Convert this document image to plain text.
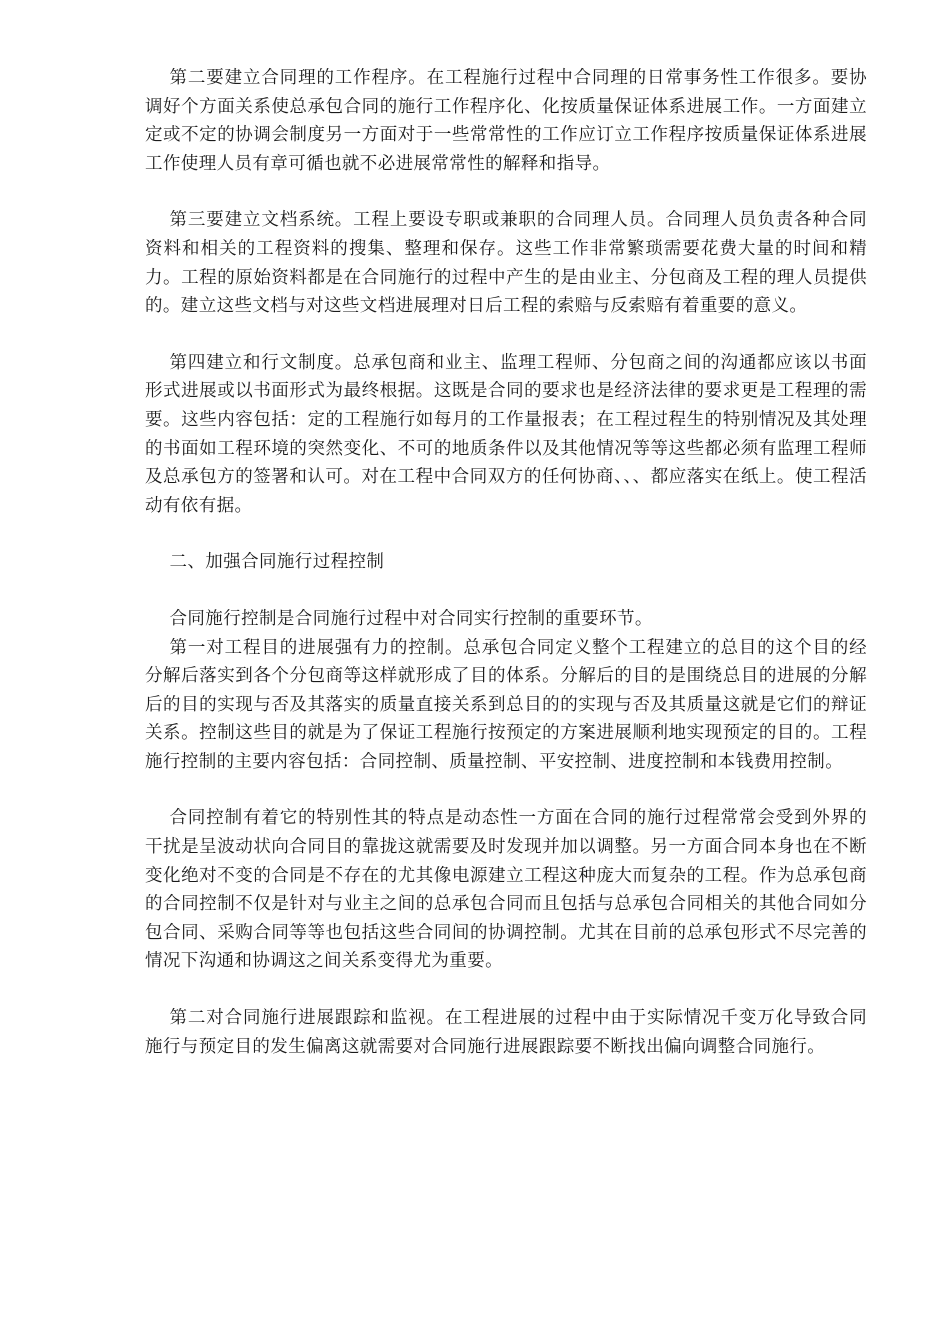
第二要建立合同理的工作程序。在工程施行过程中合同理的日常事务性工作很多。要协调好个方面关系使总承包合同的施行工作程序化、化按质量保证体系进展工作。一方面建立定或不定的协调会制度另一方面对于一些常常性的工作应订立工作程序按质量保证体系进展工作使理人员有章可循也就不必进展常常性的解释和指导。

第三要建立文档系统。工程上要设专职或兼职的合同理人员。合同理人员负责各种合同资料和相关的工程资料的搜集、整理和保存。这些工作非常繁琐需要花费大量的时间和精力。工程的原始资料都是在合同施行的过程中产生的是由业主、分包商及工程的理人员提供的。建立这些文档与对这些文档进展理对日后工程的索赔与反索赔有着重要的意义。

第四建立和行文制度。总承包商和业主、监理工程师、分包商之间的沟通都应该以书面形式进展或以书面形式为最终根据。这既是合同的要求也是经济法律的要求更是工程理的需要。这些内容包括：定的工程施行如每月的工作量报表；在工程过程生的特别情况及其处理的书面如工程环境的突然变化、不可的地质条件以及其他情况等等这些都必须有监理工程师及总承包方的签署和认可。对在工程中合同双方的任何协商、、、都应落实在纸上。使工程活动有依有据。

二、加强合同施行过程控制

合同施行控制是合同施行过程中对合同实行控制的重要环节。

第一对工程目的进展强有力的控制。总承包合同定义整个工程建立的总目的这个目的经分解后落实到各个分包商等这样就形成了目的体系。分解后的目的是围绕总目的进展的分解后的目的实现与否及其落实的质量直接关系到总目的的实现与否及其质量这就是它们的辩证关系。控制这些目的就是为了保证工程施行按预定的方案进展顺利地实现预定的目的。工程施行控制的主要内容包括：合同控制、质量控制、平安控制、进度控制和本钱费用控制。

合同控制有着它的特别性其的特点是动态性一方面在合同的施行过程常常会受到外界的干扰是呈波动状向合同目的靠拢这就需要及时发现并加以调整。另一方面合同本身也在不断变化绝对不变的合同是不存在的尤其像电源建立工程这种庞大而复杂的工程。作为总承包商的合同控制不仅是针对与业主之间的总承包合同而且包括与总承包合同相关的其他合同如分包合同、采购合同等等也包括这些合同间的协调控制。尤其在目前的总承包形式不尽完善的情况下沟通和协调这之间关系变得尤为重要。

第二对合同施行进展跟踪和监视。在工程进展的过程中由于实际情况千变万化导致合同施行与预定目的发生偏离这就需要对合同施行进展跟踪要不断找出偏向调整合同施行。
